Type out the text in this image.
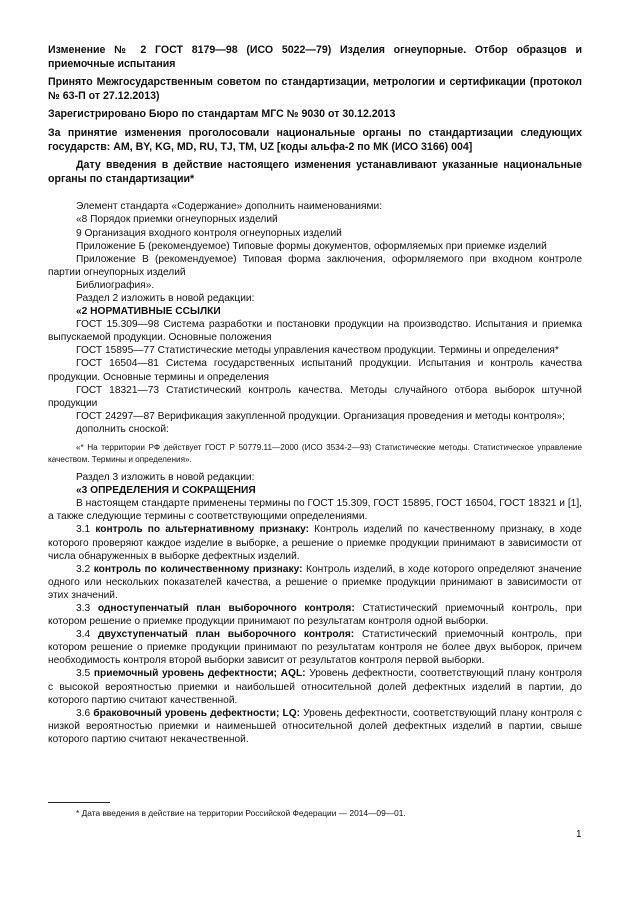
Изменение № 2 ГОСТ 8179—98 (ИСО 5022—79) Изделия огнеупорные. Отбор образцов и приемочные испытания

Принято Межгосударственным советом по стандартизации, метрологии и сертификации (протокол № 63-П от 27.12.2013)

Зарегистрировано Бюро по стандартам МГС № 9030 от 30.12.2013

За принятие изменения проголосовали национальные органы по стандартизации следующих государств: AM, BY, KG, MD, RU, TJ, TM, UZ [коды альфа-2 по МК (ИСО 3166) 004]

Дату введения в действие настоящего изменения устанавливают указанные национальные органы по стандартизации*

Элемент стандарта «Содержание» дополнить наименованиями:

«8 Порядок приемки огнеупорных изделий

9 Организация входного контроля огнеупорных изделий

Приложение Б (рекомендуемое) Типовые формы документов, оформляемых при приемке изделий

Приложение В (рекомендуемое) Типовая форма заключения, оформляемого при входном контроле партии огнеупорных изделий

Библиография».

Раздел 2 изложить в новой редакции:

«2 НОРМАТИВНЫЕ ССЫЛКИ

ГОСТ 15.309—98 Система разработки и постановки продукции на производство. Испытания и приемка выпускаемой продукции. Основные положения

ГОСТ 15895—77 Статистические методы управления качеством продукции. Термины и определения*

ГОСТ 16504—81 Система государственных испытаний продукции. Испытания и контроль качества продукции. Основные термины и определения

ГОСТ 18321—73 Статистический контроль качества. Методы случайного отбора выборок штучной продукции

ГОСТ 24297—87 Верификация закупленной продукции. Организация проведения и методы контроля»;

дополнить сноской:

«* На территории РФ действует ГОСТ Р 50779.11—2000 (ИСО 3534-2—93) Статистические методы. Статистическое управление качеством. Термины и определения».

Раздел 3 изложить в новой редакции:

«3 ОПРЕДЕЛЕНИЯ И СОКРАЩЕНИЯ

В настоящем стандарте применены термины по ГОСТ 15.309, ГОСТ 15895, ГОСТ 16504, ГОСТ 18321 и [1], а также следующие термины с соответствующими определениями.

3.1 контроль по альтернативному признаку: Контроль изделий по качественному признаку, в ходе которого проверяют каждое изделие в выборке, а решение о приемке продукции принимают в зависимости от числа обнаруженных в выборке дефектных изделий.

3.2 контроль по количественному признаку: Контроль изделий, в ходе которого определяют значение одного или нескольких показателей качества, а решение о приемке продукции принимают в зависимости от этих значений.

3.3 одноступенчатый план выборочного контроля: Статистический приемочный контроль, при котором решение о приемке продукции принимают по результатам контроля одной выборки.

3.4 двухступенчатый план выборочного контроля: Статистический приемочный контроль, при котором решение о приемке продукции принимают по результатам контроля не более двух выборок, причем необходимость контроля второй выборки зависит от результатов контроля первой выборки.

3.5 приемочный уровень дефектности; AQL: Уровень дефектности, соответствующий плану контроля с высокой вероятностью приемки и наибольшей относительной долей дефектных изделий в партии, до которого партию считают качественной.

3.6 браковочный уровень дефектности; LQ: Уровень дефектности, соответствующий плану контроля с низкой вероятностью приемки и наименьшей относительной долей дефектных изделий в партии, свыше которого партию считают некачественной.

* Дата введения в действие на территории Российской Федерации — 2014—09—01.
1
